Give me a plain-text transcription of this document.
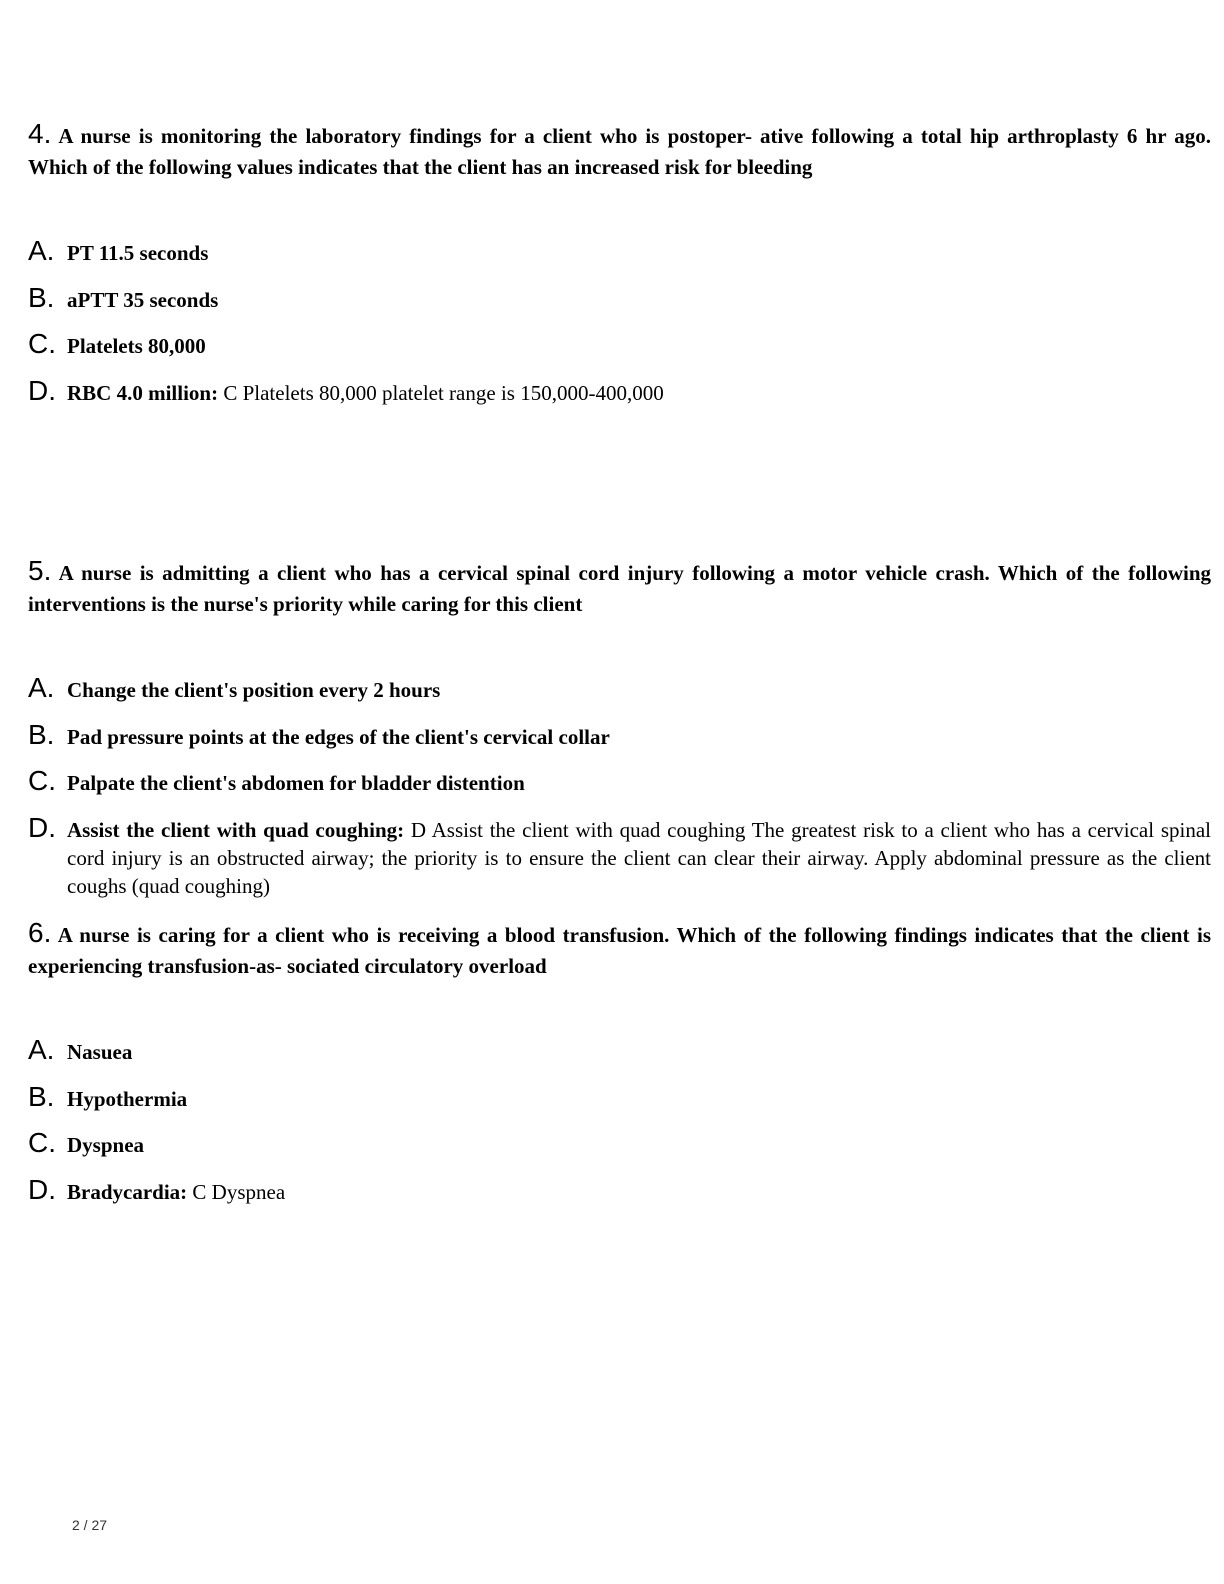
4. A nurse is monitoring the laboratory findings for a client who is postoper- ative following a total hip arthroplasty 6 hr ago. Which of the following values indicates that the client has an increased risk for bleeding

A. PT 11.5 seconds
B. aPTT 35 seconds
C. Platelets 80,000
D. RBC 4.0 million: C Platelets 80,000 platelet range is 150,000-400,000

5. A nurse is admitting a client who has a cervical spinal cord injury following a motor vehicle crash. Which of the following interventions is the nurse's priority while caring for this client

A. Change the client's position every 2 hours
B. Pad pressure points at the edges of the client's cervical collar
C. Palpate the client's abdomen for bladder distention
D. Assist the client with quad coughing: D Assist the client with quad coughing The greatest risk to a client who has a cervical spinal cord injury is an obstructed airway; the priority is to ensure the client can clear their airway. Apply abdominal pressure as the client coughs (quad coughing)

6. A nurse is caring for a client who is receiving a blood transfusion. Which of the following findings indicates that the client is experiencing transfusion-as- sociated circulatory overload

A. Nasuea
B. Hypothermia
C. Dyspnea
D. Bradycardia: C Dyspnea
2 / 27
